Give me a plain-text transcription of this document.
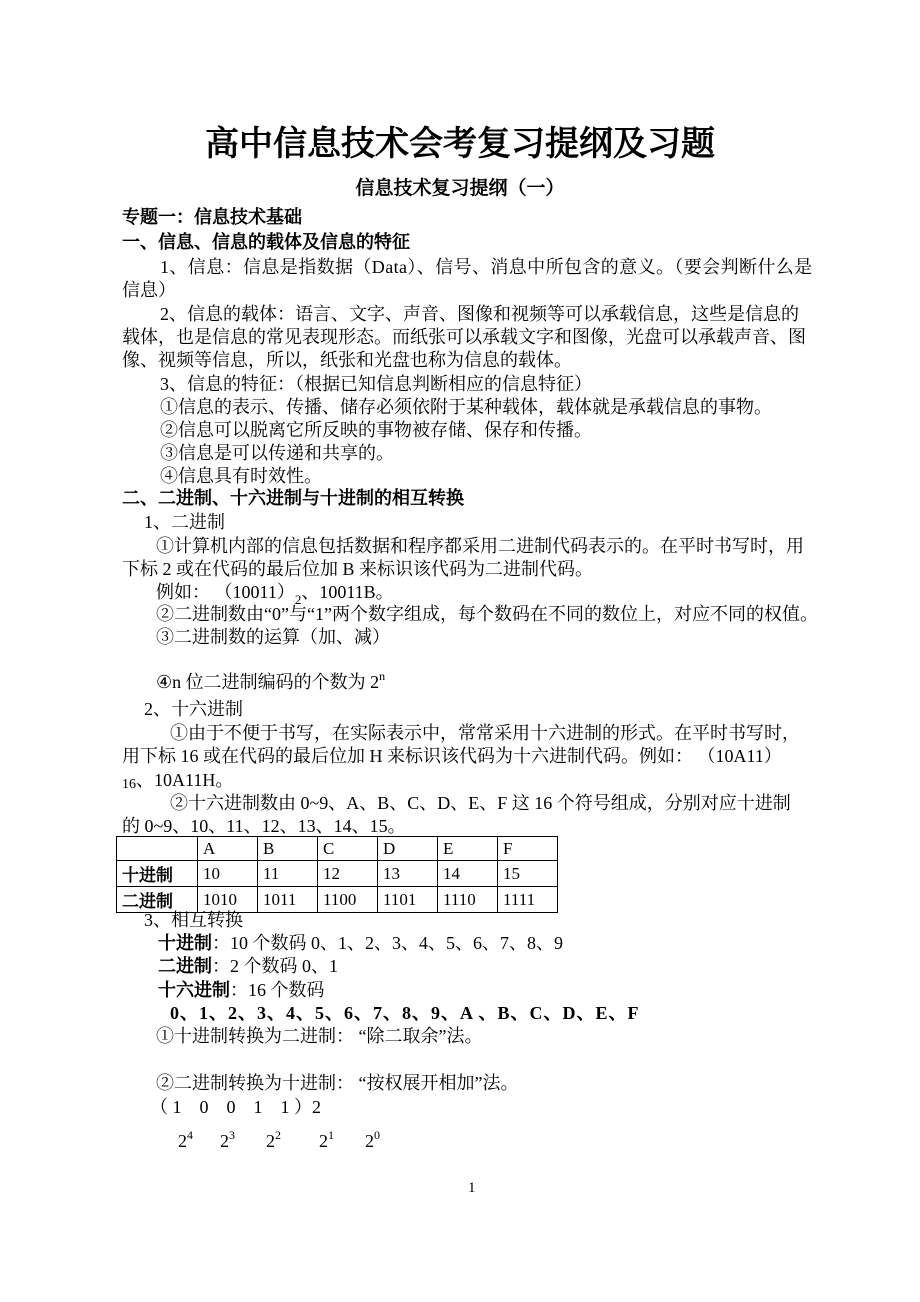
高中信息技术会考复习提纲及习题
信息技术复习提纲（一）
专题一：信息技术基础
一、信息、信息的载体及信息的特征
1、信息：信息是指数据（Data）、信号、消息中所包含的意义。（要会判断什么是
信息）
2、信息的载体：语言、文字、声音、图像和视频等可以承载信息，这些是信息的
载体，也是信息的常见表现形态。而纸张可以承载文字和图像，光盘可以承载声音、图
像、视频等信息，所以，纸张和光盘也称为信息的载体。
3、信息的特征：（根据已知信息判断相应的信息特征）
①信息的表示、传播、储存必须依附于某种载体，载体就是承载信息的事物。
②信息可以脱离它所反映的事物被存储、保存和传播。
③信息是可以传递和共享的。
④信息具有时效性。
二、二进制、十六进制与十进制的相互转换
1、二进制
①计算机内部的信息包括数据和程序都采用二进制代码表示的。在平时书写时，用
下标 2 或在代码的最后位加 B 来标识该代码为二进制代码。
例如： $(10011)_2$、10011B。
②二进制数由“0”与“1”两个数字组成，每个数码在不同的数位上，对应不同的权值。
③二进制数的运算（加、减）
④n 位二进制编码的个数为 2$^n$
2、十六进制
①由于不便于书写，在实际表示中，常常采用十六进制的形式。在平时书写时，
用下标 16 或在代码的最后位加 H 来标识该代码为十六进制代码。例如： （10A11）
$_{16}$、10A11H。
②十六进制数由 0~9、A、B、C、D、E、F 这 16 个符号组成，分别对应十进制
的 0~9、10、11、12、13、14、15。
	A	B	C	D	E	F
十进制	10	11	12	13	14	15
二进制	1010	1011	1100	1101	1110	1111
3、相互转换
十进制：10 个数码 0、1、2、3、4、5、6、7、8、9
二进制：2 个数码 0、1
十六进制：16 个数码
0、1、2、3、4、5、6、7、8、9、A 、B、C、D、E、F
①十进制转换为二进制： “除二取余”法。
②二进制转换为十进制： “按权展开相加”法。
（ 1    0    0    1    1 ）2
$2^4$ $2^3$ $2^2$ $2^1$ $2^0$
1
